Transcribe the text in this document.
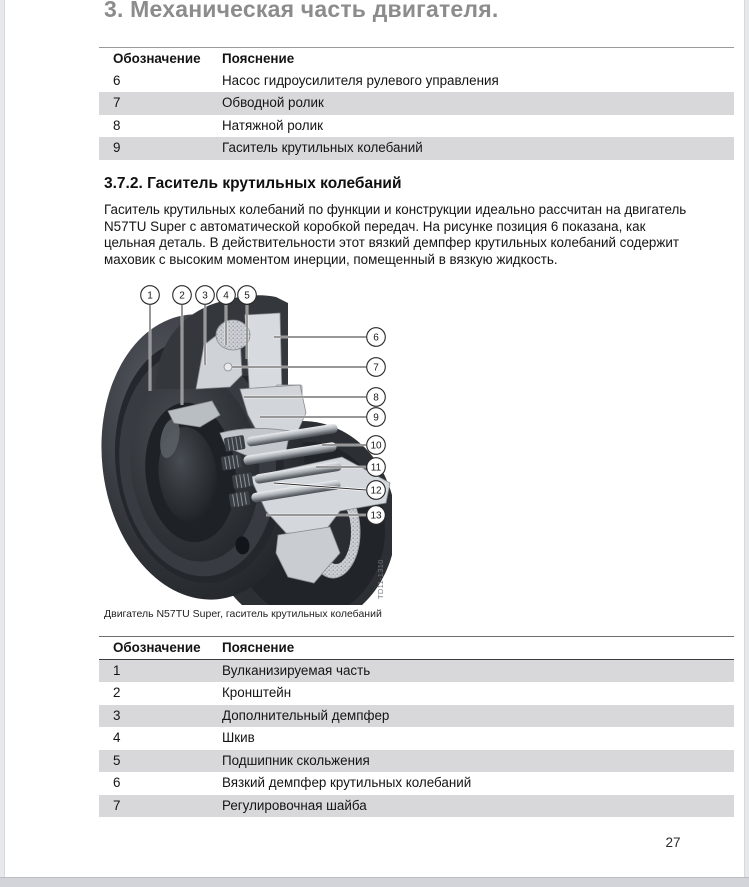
3. Механическая часть двигателя.
Обозначение	Пояснение
6	Насос гидроусилителя рулевого управления
7	Обводной ролик
8	Натяжной ролик
9	Гаситель крутильных колебаний
3.7.2. Гаситель крутильных колебаний

Гаситель крутильных колебаний по функции и конструкции идеально рассчитан на двигатель N57TU Super с автоматической коробкой передач. На рисунке позиция 6 показана, как цельная деталь. В действительности этот вязкий демпфер крутильных колебаний содержит маховик с высоким моментом инерции, помещенный в вязкую жидкость.

1	2 3 4 5
6
7
8
9
10
11
12
13
TD11-1310
Двигатель N57TU Super, гаситель крутильных колебаний
Обозначение	Пояснение
1	Вулканизируемая часть
2	Кронштейн
3	Дополнительный демпфер
4	Шкив
5	Подшипник скольжения
6	Вязкий демпфер крутильных колебаний
7	Регулировочная шайба
27
